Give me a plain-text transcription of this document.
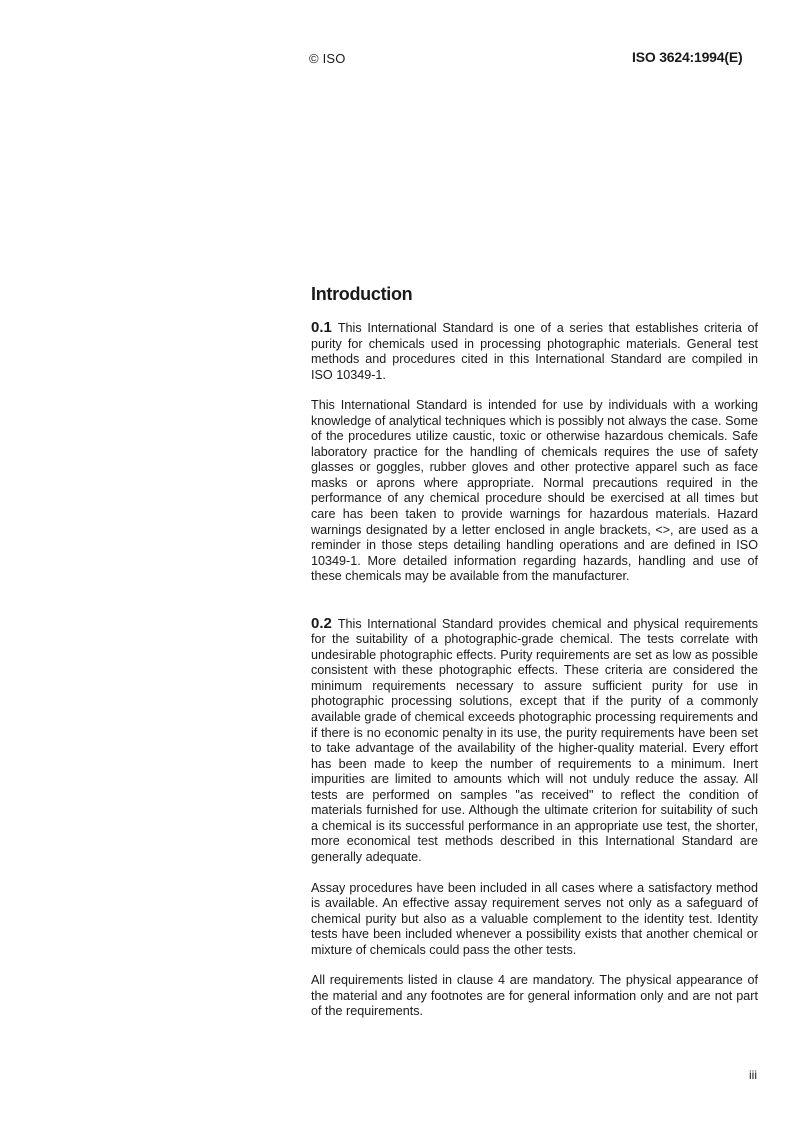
© ISO	ISO 3624:1994(E)
Introduction

0.1 This International Standard is one of a series that establishes criteria of purity for chemicals used in processing photographic materials. General test methods and procedures cited in this International Standard are compiled in ISO 10349-1.

This International Standard is intended for use by individuals with a working knowledge of analytical techniques which is possibly not always the case. Some of the procedures utilize caustic, toxic or otherwise hazardous chemicals. Safe laboratory practice for the handling of chemicals requires the use of safety glasses or goggles, rubber gloves and other protective apparel such as face masks or aprons where appropriate. Normal precautions required in the performance of any chemical procedure should be exercised at all times but care has been taken to provide warnings for hazardous materials. Hazard warnings designated by a letter enclosed in angle brackets, <>, are used as a reminder in those steps detailing handling operations and are defined in ISO 10349-1. More detailed information regarding hazards, handling and use of these chemicals may be available from the manufacturer.

0.2 This International Standard provides chemical and physical requirements for the suitability of a photographic-grade chemical. The tests correlate with undesirable photographic effects. Purity requirements are set as low as possible consistent with these photographic effects. These criteria are considered the minimum requirements necessary to assure sufficient purity for use in photographic processing solutions, except that if the purity of a commonly available grade of chemical exceeds photographic processing requirements and if there is no economic penalty in its use, the purity requirements have been set to take advantage of the availability of the higher-quality material. Every effort has been made to keep the number of requirements to a minimum. Inert impurities are limited to amounts which will not unduly reduce the assay. All tests are performed on samples "as received" to reflect the condition of materials furnished for use. Although the ultimate criterion for suitability of such a chemical is its successful performance in an appropriate use test, the shorter, more economical test methods described in this International Standard are generally adequate.

Assay procedures have been included in all cases where a satisfactory method is available. An effective assay requirement serves not only as a safeguard of chemical purity but also as a valuable complement to the identity test. Identity tests have been included whenever a possibility exists that another chemical or mixture of chemicals could pass the other tests.

All requirements listed in clause 4 are mandatory. The physical appearance of the material and any footnotes are for general information only and are not part of the requirements.

iii
